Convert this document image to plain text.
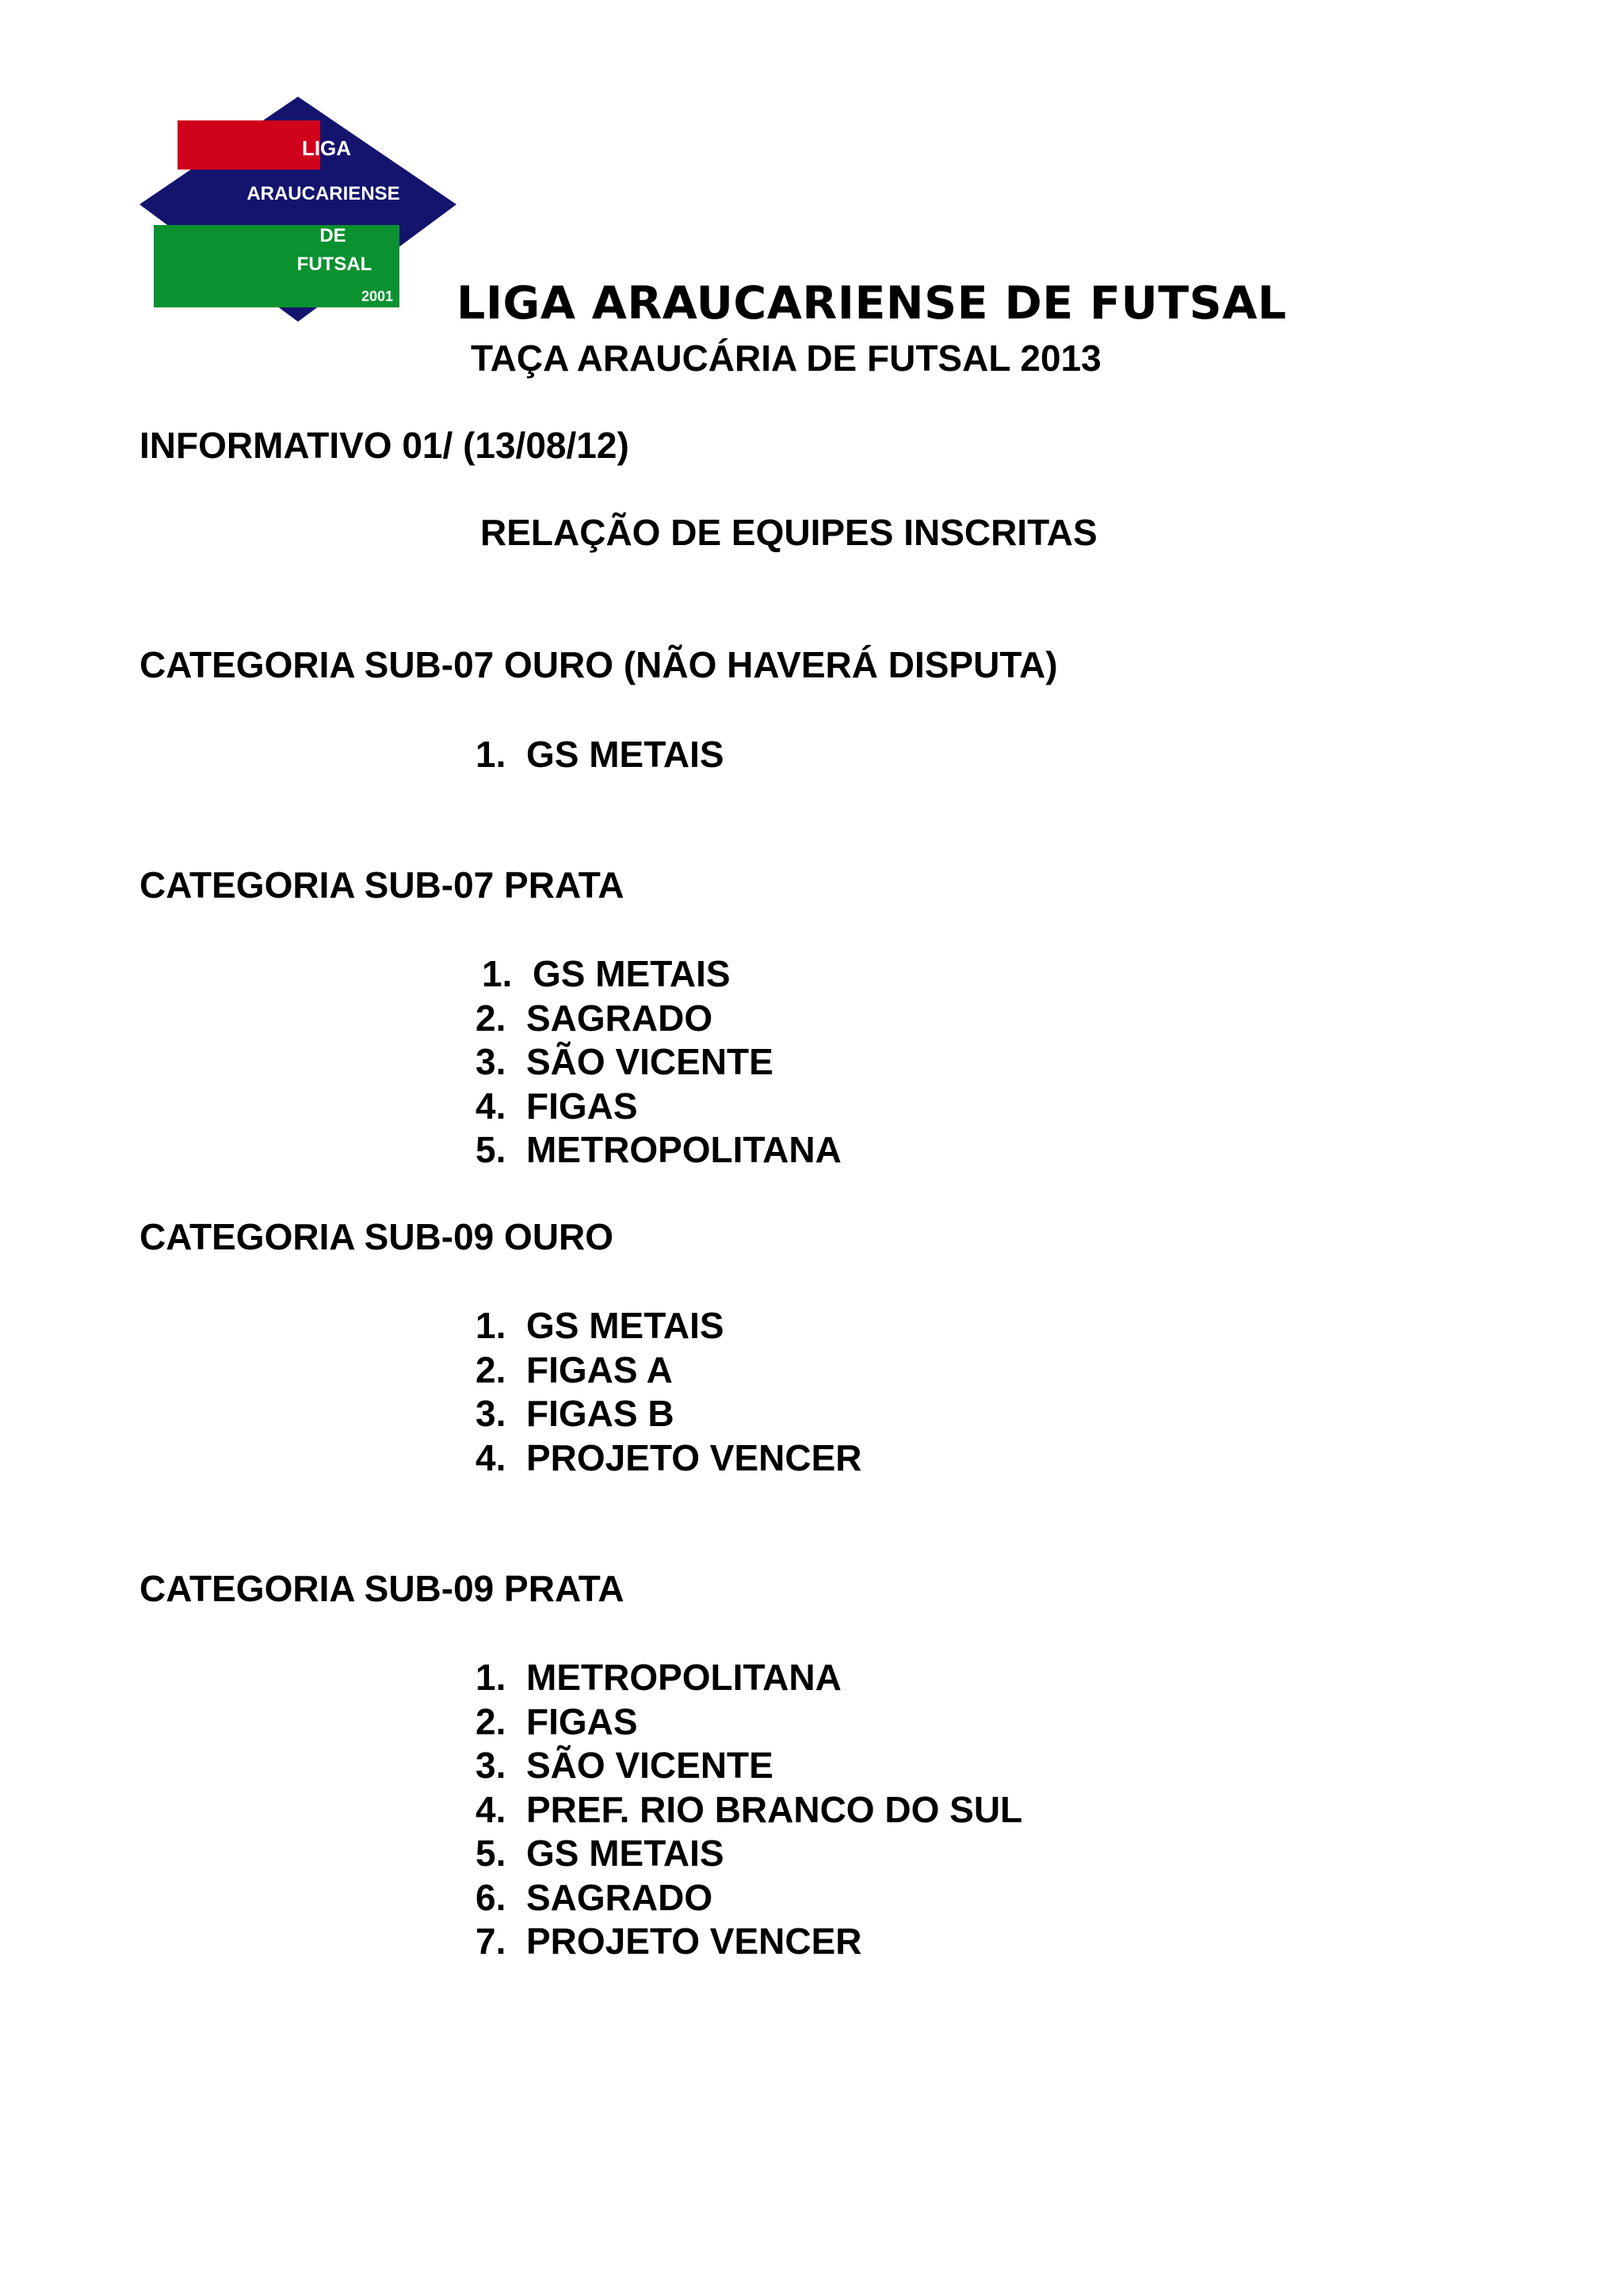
LIGA
ARAUCARIENSE
DE
FUTSAL
2001 LIGA ARAUCARIENSE DE FUTSAL
TAÇA ARAUCÁRIA DE FUTSAL 2013
INFORMATIVO 01/ (13/08/12)
RELAÇÃO DE EQUIPES INSCRITAS
CATEGORIA SUB-07 OURO (NÃO HAVERÁ DISPUTA)
1. GS METAIS
CATEGORIA SUB-07 PRATA
1. GS METAIS
2. SAGRADO
3. SÃO VICENTE
4. FIGAS
5. METROPOLITANA
CATEGORIA SUB-09 OURO
1. GS METAIS
2. FIGAS A
3. FIGAS B
4. PROJETO VENCER
CATEGORIA SUB-09 PRATA
1. METROPOLITANA
2. FIGAS
3. SÃO VICENTE
4. PREF. RIO BRANCO DO SUL
5. GS METAIS
6. SAGRADO
7. PROJETO VENCER
